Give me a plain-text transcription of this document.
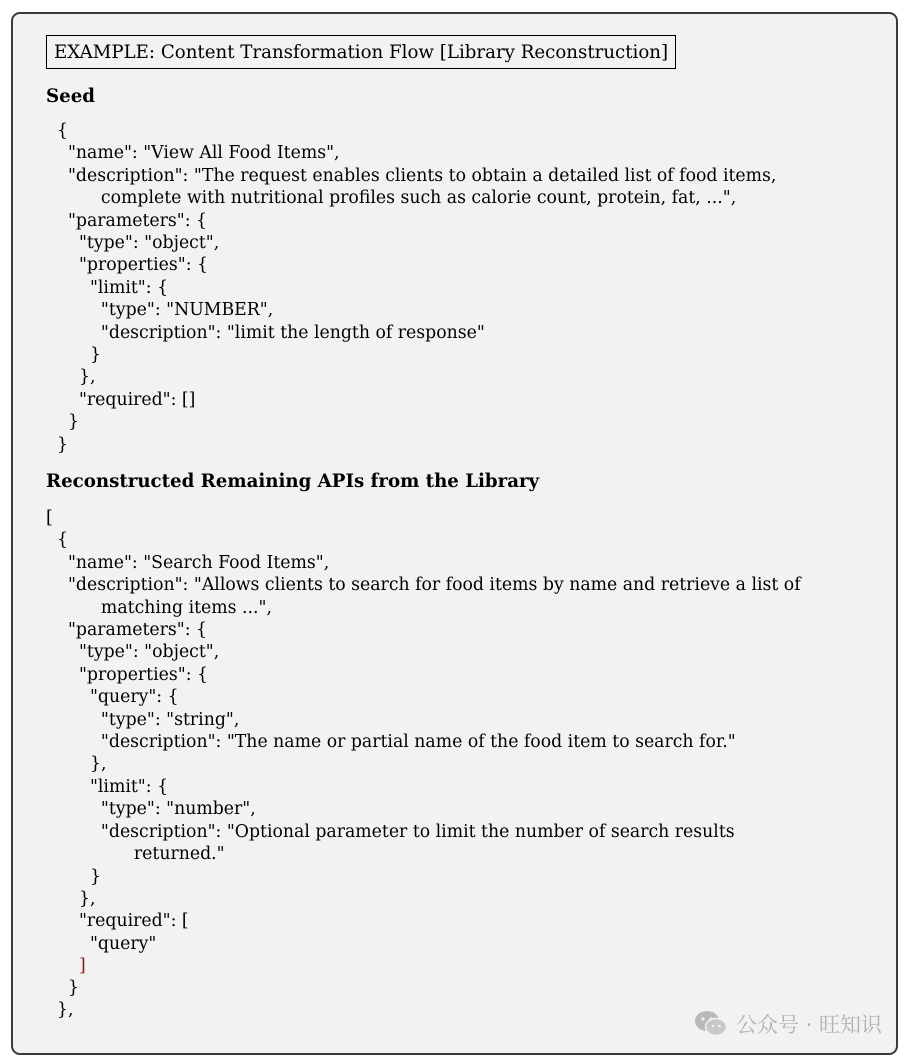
EXAMPLE: Content Transformation Flow [Library Reconstruction]
Seed
{
"name": "View All Food Items",
"description": "The request enables clients to obtain a detailed list of food items,
complete with nutritional profiles such as calorie count, protein, fat, ...",
"parameters": {
"type": "object",
"properties": {
"limit": {
"type": "NUMBER",
"description": "limit the length of response"
}
},
"required": []
}
}
Reconstructed Remaining APIs from the Library
[
{
"name": "Search Food Items",
"description": "Allows clients to search for food items by name and retrieve a list of
matching items ...",
"parameters": {
"type": "object",
"properties": {
"query": {
"type": "string",
"description": "The name or partial name of the food item to search for."
},
"limit": {
"type": "number",
"description": "Optional parameter to limit the number of search results
returned."
}
},
"required": [
"query"
]
}
},
公众号 · 旺知识
